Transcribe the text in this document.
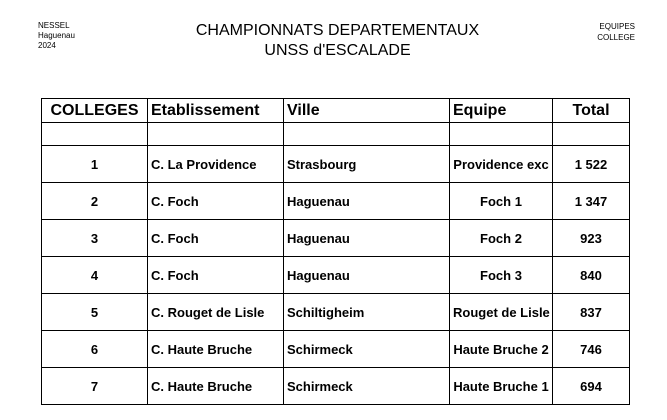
NESSEL
Haguenau
2024
CHAMPIONNATS DEPARTEMENTAUX
UNSS d'ESCALADE
EQUIPES
COLLEGE
COLLEGES	Etablissement	Ville	Equipe	Total

1	C. La Providence	Strasbourg	Providence exc	1 522
2	C. Foch	Haguenau	Foch 1	1 347
3	C. Foch	Haguenau	Foch 2	923
4	C. Foch	Haguenau	Foch 3	840
5	C. Rouget de Lisle	Schiltigheim	Rouget de Lisle	837
6	C. Haute Bruche	Schirmeck	Haute Bruche 2	746
7	C. Haute Bruche	Schirmeck	Haute Bruche 1	694
